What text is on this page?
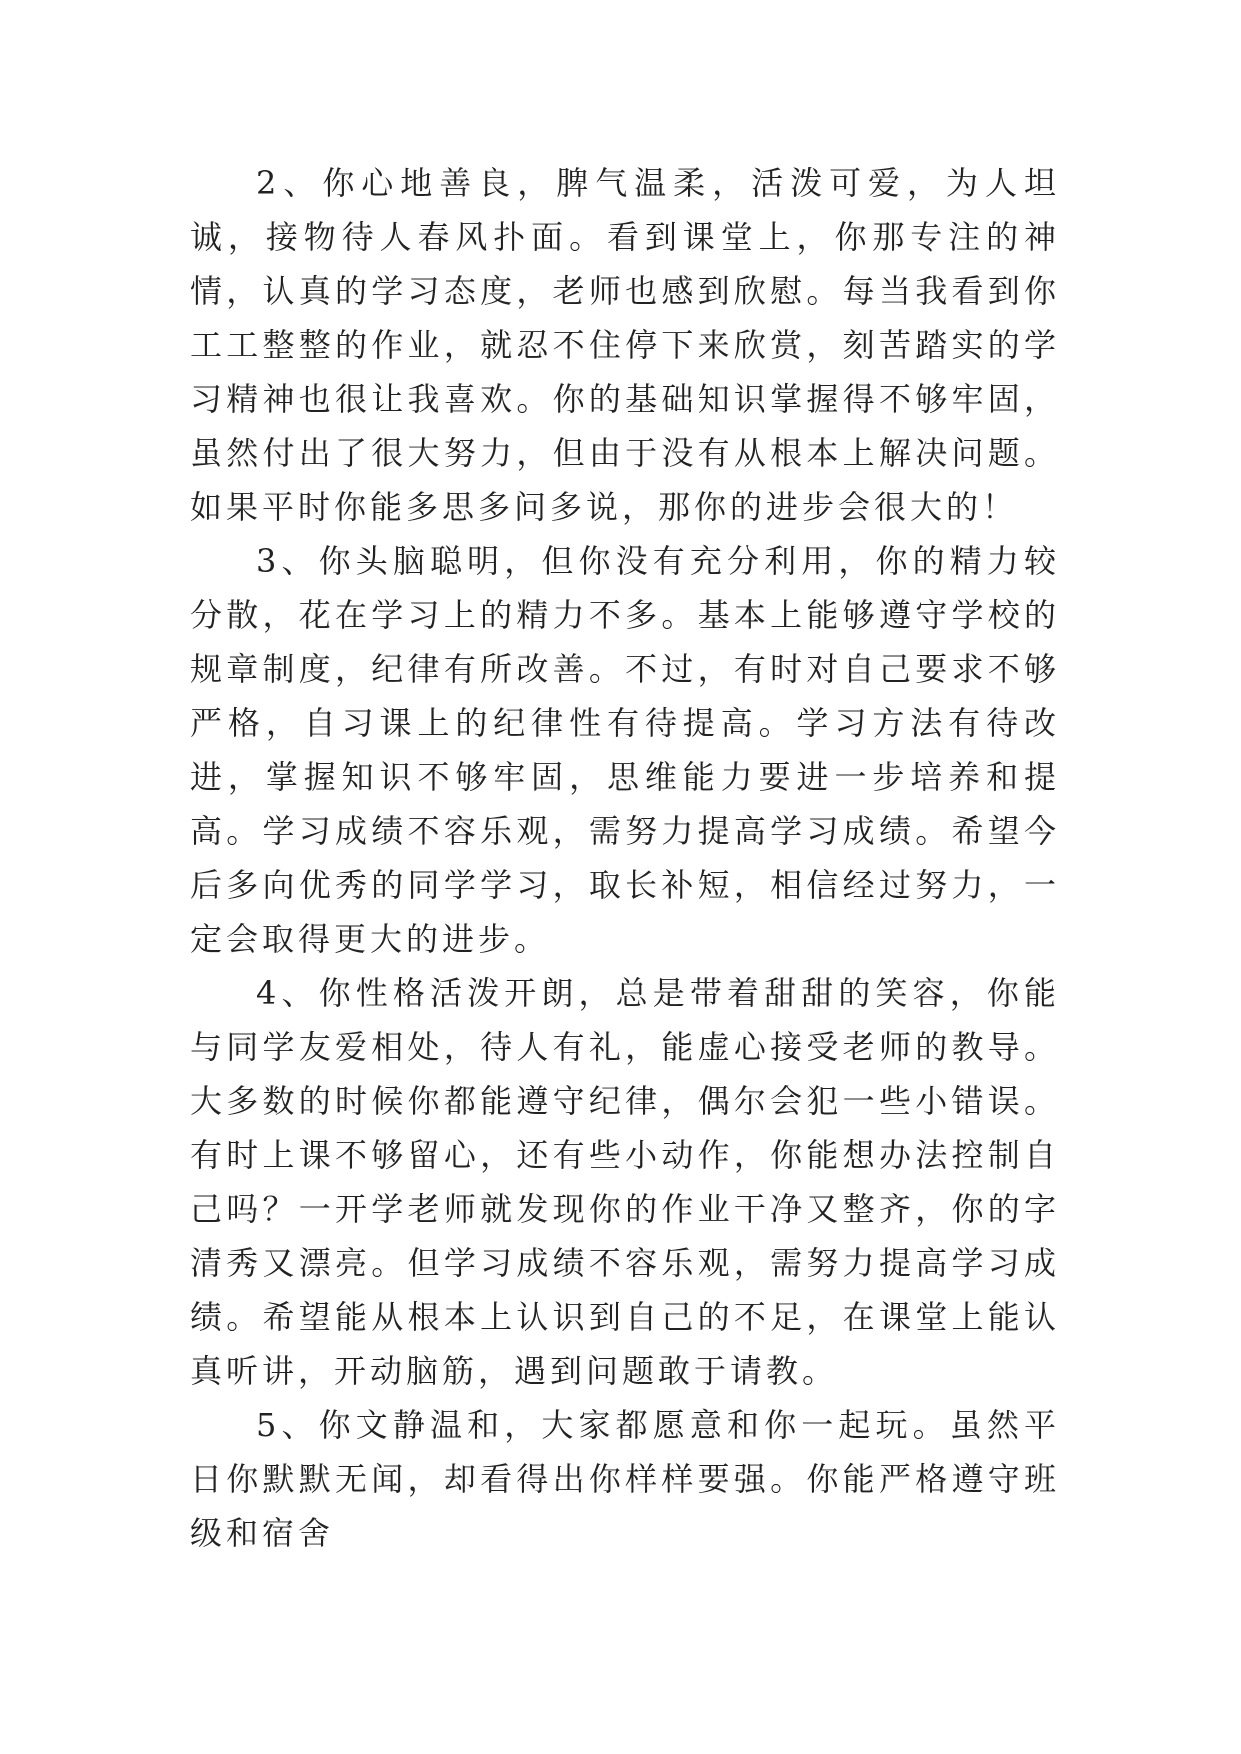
2、你心地善良，脾气温柔，活泼可爱，为人坦诚，接物待人春风扑面。看到课堂上，你那专注的神情，认真的学习态度，老师也感到欣慰。每当我看到你工工整整的作业，就忍不住停下来欣赏，刻苦踏实的学习精神也很让我喜欢。你的基础知识掌握得不够牢固，虽然付出了很大努力，但由于没有从根本上解决问题。如果平时你能多思多问多说，那你的进步会很大的！

3、你头脑聪明，但你没有充分利用，你的精力较分散，花在学习上的精力不多。基本上能够遵守学校的规章制度，纪律有所改善。不过，有时对自己要求不够严格，自习课上的纪律性有待提高。学习方法有待改进，掌握知识不够牢固，思维能力要进一步培养和提高。学习成绩不容乐观，需努力提高学习成绩。希望今后多向优秀的同学学习，取长补短，相信经过努力，一定会取得更大的进步。

4、你性格活泼开朗，总是带着甜甜的笑容，你能与同学友爱相处，待人有礼，能虚心接受老师的教导。大多数的时候你都能遵守纪律，偶尔会犯一些小错误。有时上课不够留心，还有些小动作，你能想办法控制自己吗？一开学老师就发现你的作业干净又整齐，你的字清秀又漂亮。但学习成绩不容乐观，需努力提高学习成绩。希望能从根本上认识到自己的不足，在课堂上能认真听讲，开动脑筋，遇到问题敢于请教。

5、你文静温和，大家都愿意和你一起玩。虽然平日你默默无闻，却看得出你样样要强。你能严格遵守班级和宿舍
